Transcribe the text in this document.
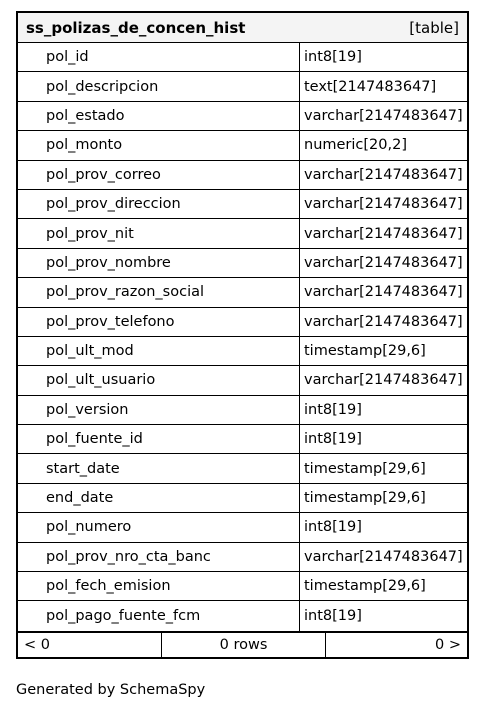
ss_polizas_de_concen_hist	[table]
pol_id	int8[19]
pol_descripcion	text[2147483647]
pol_estado	varchar[2147483647]
pol_monto	numeric[20,2]
pol_prov_correo	varchar[2147483647]
pol_prov_direccion	varchar[2147483647]
pol_prov_nit	varchar[2147483647]
pol_prov_nombre	varchar[2147483647]
pol_prov_razon_social	varchar[2147483647]
pol_prov_telefono	varchar[2147483647]
pol_ult_mod	timestamp[29,6]
pol_ult_usuario	varchar[2147483647]
pol_version	int8[19]
pol_fuente_id	int8[19]
start_date	timestamp[29,6]
end_date	timestamp[29,6]
pol_numero	int8[19]
pol_prov_nro_cta_banc	varchar[2147483647]
pol_fech_emision	timestamp[29,6]
pol_pago_fuente_fcm	int8[19]
< 0	0 rows	0 >
Generated by SchemaSpy
